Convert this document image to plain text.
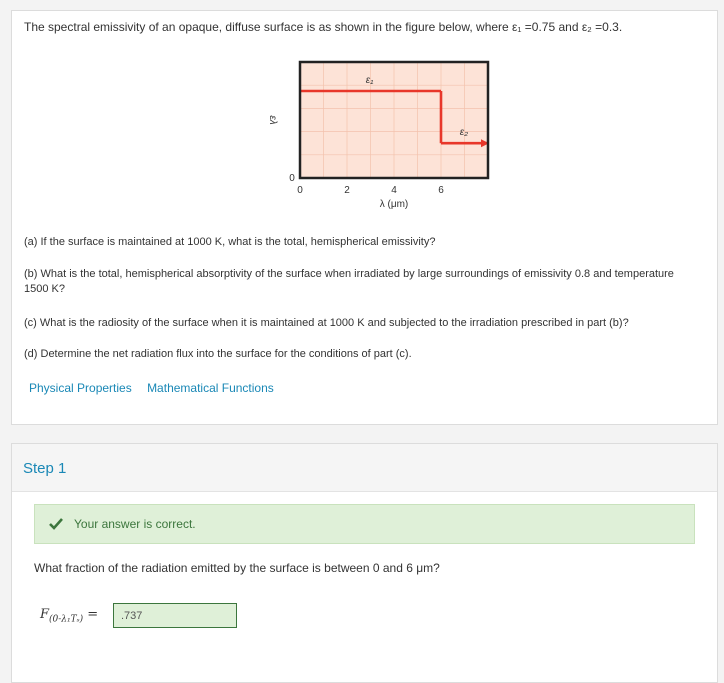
The spectral emissivity of an opaque, diffuse surface is as shown in the figure below, where ε₁ =0.75 and ε₂ =0.3.
ε₁
ε₂
0	2	4	6
0
λ (μm)
ελ
(a) If the surface is maintained at 1000 K, what is the total, hemispherical emissivity?
(b) What is the total, hemispherical absorptivity of the surface when irradiated by large surroundings of emissivity 0.8 and temperature 1500 K?
(c) What is the radiosity of the surface when it is maintained at 1000 K and subjected to the irradiation prescribed in part (b)?
(d) Determine the net radiation flux into the surface for the conditions of part (c).
Physical Properties Mathematical Functions
Step 1
Your answer is correct.
What fraction of the radiation emitted by the surface is between 0 and 6 μm?
$F_{(0-\lambda_1T_s)}$ =	.737
